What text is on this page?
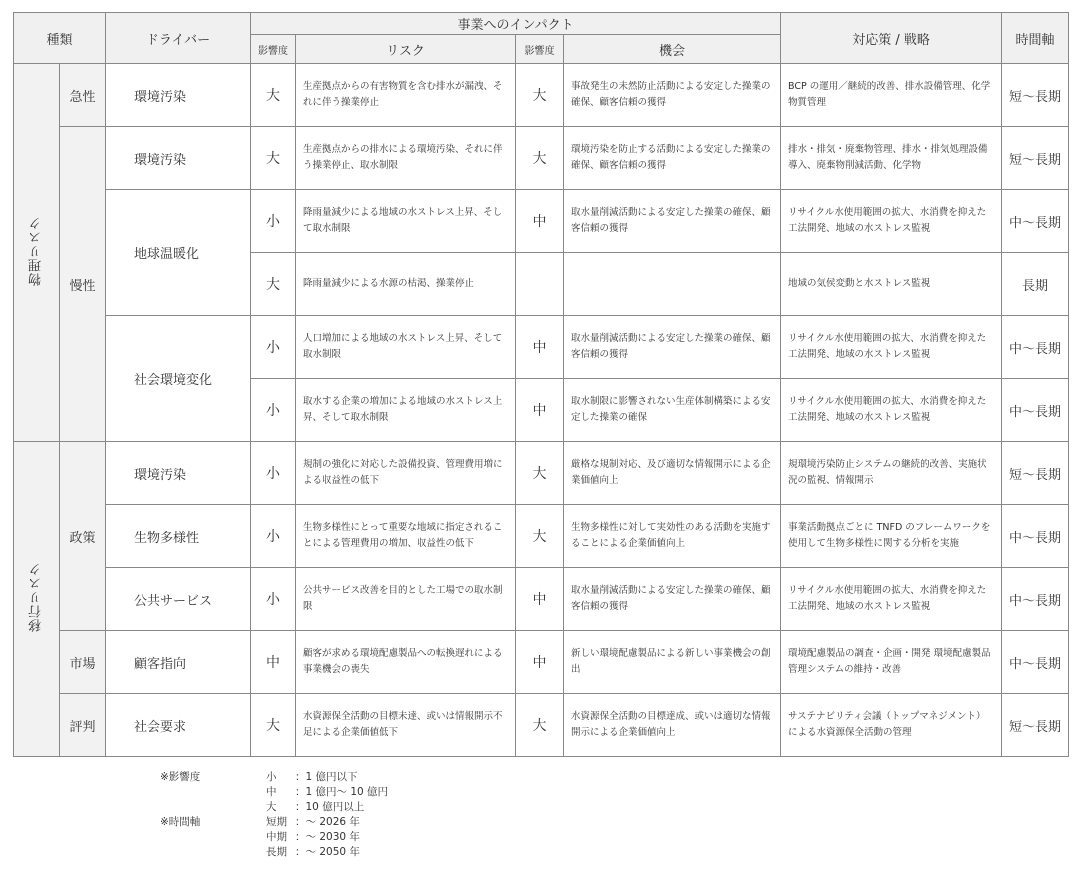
種類		ドライバー	事業へのインパクト				対応策 / 戦略	時間軸
			影響度	リスク	影響度	機会		
物理リスク	急性	環境汚染	大	生産拠点からの有害物質を含む排水が漏洩、それに伴う操業停止	大	事故発生の未然防止活動による安定した操業の確保、顧客信頼の獲得	BCP の運用／継続的改善、排水設備管理、化学物質管理	短〜長期
	慢性	環境汚染	大	生産拠点からの排水による環境汚染、それに伴う操業停止、取水制限	大	環境汚染を防止する活動による安定した操業の確保、顧客信頼の獲得	排水・排気・廃棄物管理、排水・排気処理設備導入、廃棄物削減活動、化学物	短〜長期
		地球温暖化	小	降雨量減少による地域の水ストレス上昇、そして取水制限	中	取水量削減活動による安定した操業の確保、顧客信頼の獲得	リサイクル水使用範囲の拡大、水消費を抑えた工法開発、地域の水ストレス監視	中〜長期
			大	降雨量減少による水源の枯渇、操業停止			地域の気侯変動と水ストレス監視	長期
		社会環境変化	小	人口増加による地域の水ストレス上昇、そして取水制限	中	取水量削減活動による安定した操業の確保、顧客信頼の獲得	リサイクル水使用範囲の拡大、水消費を抑えた工法開発、地域の水ストレス監視	中〜長期
			小	取水する企業の増加による地域の水ストレス上昇、そして取水制限	中	取水制限に影響されない生産体制構築による安定した操業の確保	リサイクル水使用範囲の拡大、水消費を抑えた工法開発、地域の水ストレス監視	中〜長期
移行リスク	政策	環境汚染	小	規制の強化に対応した設備投資、管理費用増による収益性の低下	大	厳格な規制対応、及び適切な情報開示による企業価値向上	規環境汚染防止システムの継続的改善、実施状況の監視、情報開示	短〜長期
		生物多様性	小	生物多様性にとって重要な地域に指定されることによる管理費用の増加、収益性の低下	大	生物多様性に対して実効性のある活動を実施することによる企業価値向上	事業活動拠点ごとに TNFD のフレームワークを使用して生物多様性に関する分析を実施	中〜長期
		公共サービス	小	公共サービス改善を目的とした工場での取水制限	中	取水量削減活動による安定した操業の確保、顧客信頼の獲得	リサイクル水使用範囲の拡大、水消費を抑えた工法開発、地域の水ストレス監視	中〜長期
	市場	顧客指向	中	顧客が求める環境配慮製品への転換遅れによる事業機会の喪失	中	新しい環境配慮製品による新しい事業機会の創出	環境配慮製品の調査・企画・開発 環境配慮製品管理システムの維持・改善	中〜長期
	評判	社会要求	大	水資源保全活動の目標未達、或いは情報開示不足による企業価値低下	大	水資源保全活動の目標達成、或いは適切な情報開示による企業価値向上	サステナビリティ会議（トップマネジメント）による水資源保全活動の管理	短〜長期
※影響度	小 ：1 億円以下
中 ：1 億円〜 10 億円
大 ：10 億円以上
※時間軸	短期 ：〜 2026 年
中期 ：〜 2030 年
長期 ：〜 2050 年
